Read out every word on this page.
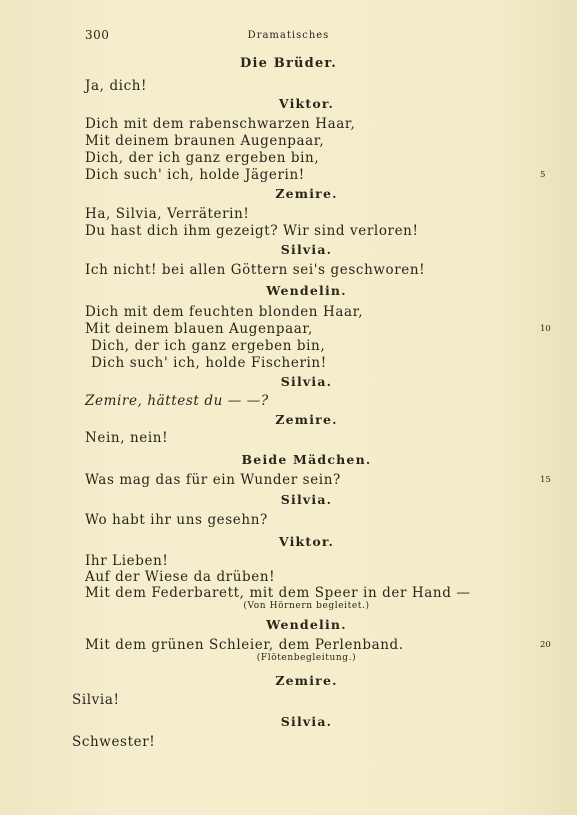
300	Dramatisches
Die Brüder.
Ja, dich!
Viktor.
Dich mit dem rabenschwarzen Haar,
Mit deinem braunen Augenpaar,
Dich, der ich ganz ergeben bin,
Dich such' ich, holde Jägerin!	5
Zemire.
Ha, Silvia, Verräterin!
Du hast dich ihm gezeigt? Wir sind verloren!
Silvia.
Ich nicht! bei allen Göttern sei's geschworen!
Wendelin.
Dich mit dem feuchten blonden Haar,
Mit deinem blauen Augenpaar,	10
Dich, der ich ganz ergeben bin,
Dich such' ich, holde Fischerin!
Silvia.
Zemire, hättest du — —?
Zemire.
Nein, nein!
Beide Mädchen.
Was mag das für ein Wunder sein?	15
Silvia.
Wo habt ihr uns gesehn?
Viktor.
Ihr Lieben!
Auf der Wiese da drüben!
Mit dem Federbarett, mit dem Speer in der Hand —
(Von Hörnern begleitet.)
Wendelin.
Mit dem grünen Schleier, dem Perlenband.	20
(Flötenbegleitung.)
Zemire.
Silvia!
Silvia.
Schwester!
